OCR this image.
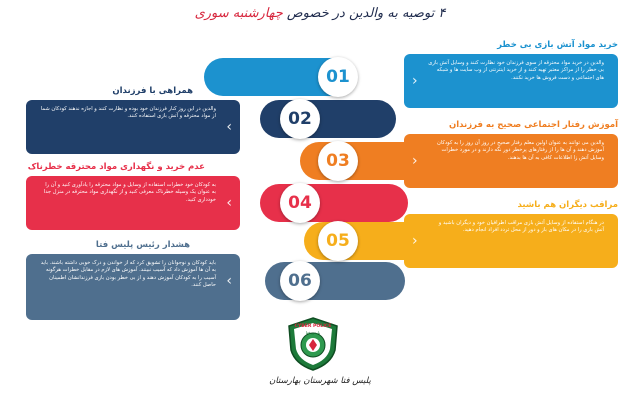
۴ توصیه به والدین در خصوص چهارشنبه سوری
01
02
03
04
05
06
خرید مواد آتش بازی بی خطر
‹
والدین در خرید مواد محترقه از سوی فرزندان خود نظارت کنند و وسایل آتش بازی بی خطر را از مراکز معتبر تهیه کنند و از خرید اینترنتی از وب سایت ها و شبکه های اجتماعی و دست فروش ها خرید نکنند.
همراهی با فرزندان
›
والدین در این روز کنار فرزندان خود بوده و نظارت کنند و اجازه ندهند کودکان شما از مواد محترقه و آتش بازی استفاده کنند.
آموزش رفتار اجتماعی صحیح به فرزندان
‹
والدین می توانند به عنوان اولین معلم رفتار صحیح در روز آن روز را به کودکان آموزش دهند و آن ها را از رفتارهای پرخطر دور نگه دارند و در مورد خطرات وسایل آتش زا اطلاعات کافی به آن ها بدهند.
عدم خرید و نگهداری مواد محترقه خطرناک
›
به کودکان خود خطرات استفاده از وسایل و مواد محترقه را یادآوری کنید و آن را به عنوان یک وسیله خطرناک معرفی کنید و از نگهداری مواد محترقه در منزل جدا خودداری کنید.
مراقب دیگران هم باشید
‹
در هنگام استفاده از وسایل آتش بازی مراقب اطرافیان خود و دیگران باشید و آتش بازی را در مکان های باز و دور از محل تردد افراد انجام دهید.
هشدار رئیس پلیس فتا
›
باید کودکان و نوجوانان را تشویق کرد که از خواندن و درک خوبی داشته باشند. باید به آن ها آموزش داد که آسیب نبینند. آموزش های لازم در مقابل خطرات هرگونه آسیب را به کودکان آموزش دهند و از بی خطر بودن بازی فرزندانشان اطمینان حاصل کنند.
CYBER POLICE
پلیس فتا
پلیس فتا شهرستان بهارستان
